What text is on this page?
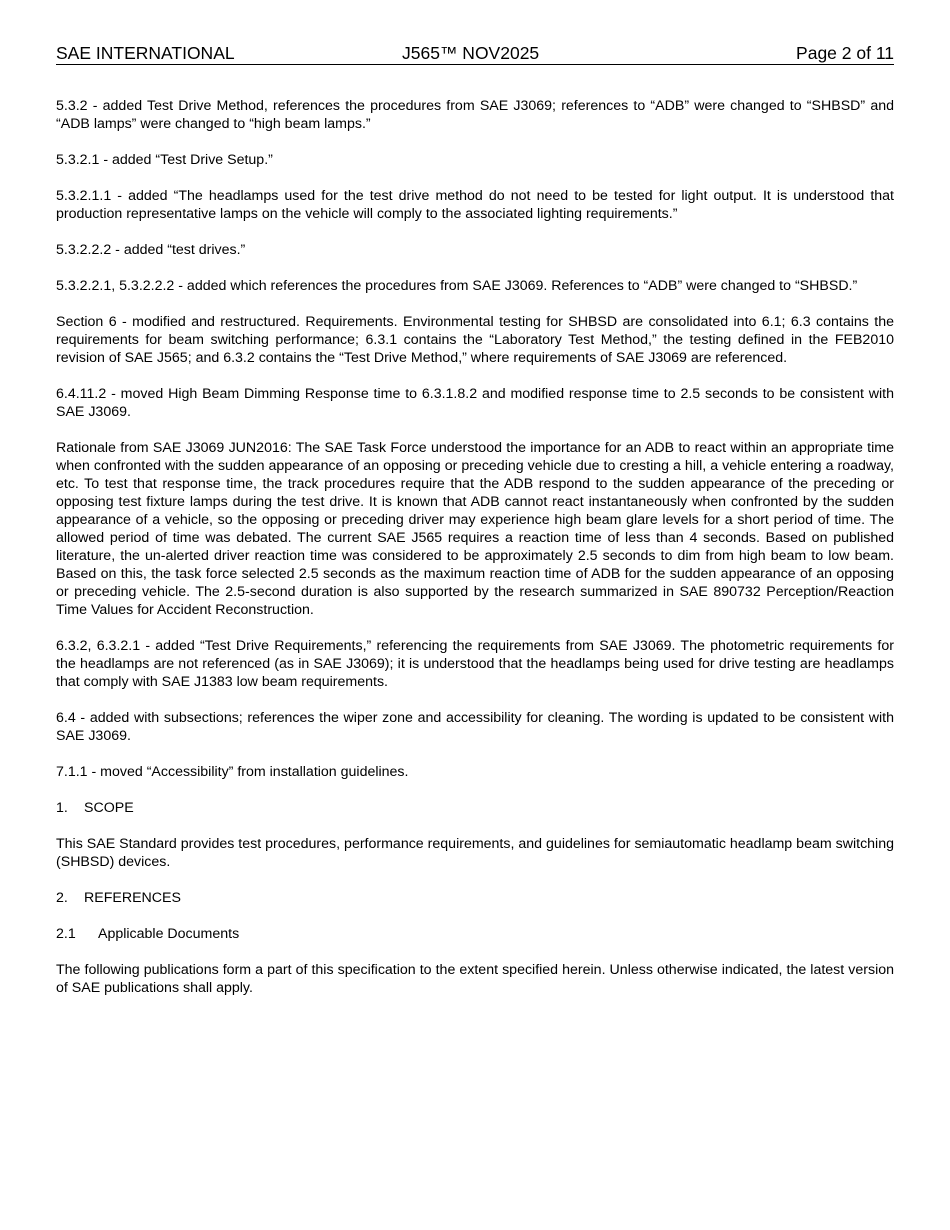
SAE INTERNATIONAL	J565™ NOV2025	Page 2 of 11

5.3.2 - added Test Drive Method, references the procedures from SAE J3069; references to “ADB” were changed to “SHBSD” and “ADB lamps” were changed to “high beam lamps.”

5.3.2.1 - added “Test Drive Setup.”

5.3.2.1.1 - added “The headlamps used for the test drive method do not need to be tested for light output. It is understood that production representative lamps on the vehicle will comply to the associated lighting requirements.”

5.3.2.2.2 - added “test drives.”

5.3.2.2.1, 5.3.2.2.2 - added which references the procedures from SAE J3069. References to “ADB” were changed to “SHBSD.”

Section 6 - modified and restructured. Requirements. Environmental testing for SHBSD are consolidated into 6.1; 6.3 contains the requirements for beam switching performance; 6.3.1 contains the “Laboratory Test Method,” the testing defined in the FEB2010 revision of SAE J565; and 6.3.2 contains the “Test Drive Method,” where requirements of SAE J3069 are referenced.

6.4.11.2 - moved High Beam Dimming Response time to 6.3.1.8.2 and modified response time to 2.5 seconds to be consistent with SAE J3069.

Rationale from SAE J3069 JUN2016: The SAE Task Force understood the importance for an ADB to react within an appropriate time when confronted with the sudden appearance of an opposing or preceding vehicle due to cresting a hill, a vehicle entering a roadway, etc. To test that response time, the track procedures require that the ADB respond to the sudden appearance of the preceding or opposing test fixture lamps during the test drive. It is known that ADB cannot react instantaneously when confronted by the sudden appearance of a vehicle, so the opposing or preceding driver may experience high beam glare levels for a short period of time. The allowed period of time was debated. The current SAE J565 requires a reaction time of less than 4 seconds. Based on published literature, the un-alerted driver reaction time was considered to be approximately 2.5 seconds to dim from high beam to low beam. Based on this, the task force selected 2.5 seconds as the maximum reaction time of ADB for the sudden appearance of an opposing or preceding vehicle. The 2.5-second duration is also supported by the research summarized in SAE 890732 Perception/Reaction Time Values for Accident Reconstruction.

6.3.2, 6.3.2.1 - added “Test Drive Requirements,” referencing the requirements from SAE J3069. The photometric requirements for the headlamps are not referenced (as in SAE J3069); it is understood that the headlamps being used for drive testing are headlamps that comply with SAE J1383 low beam requirements.

6.4 - added with subsections; references the wiper zone and accessibility for cleaning. The wording is updated to be consistent with SAE J3069.

7.1.1 - moved “Accessibility” from installation guidelines.

1.	SCOPE

This SAE Standard provides test procedures, performance requirements, and guidelines for semiautomatic headlamp beam switching (SHBSD) devices.

2.	REFERENCES

2.1	Applicable Documents

The following publications form a part of this specification to the extent specified herein. Unless otherwise indicated, the latest version of SAE publications shall apply.
